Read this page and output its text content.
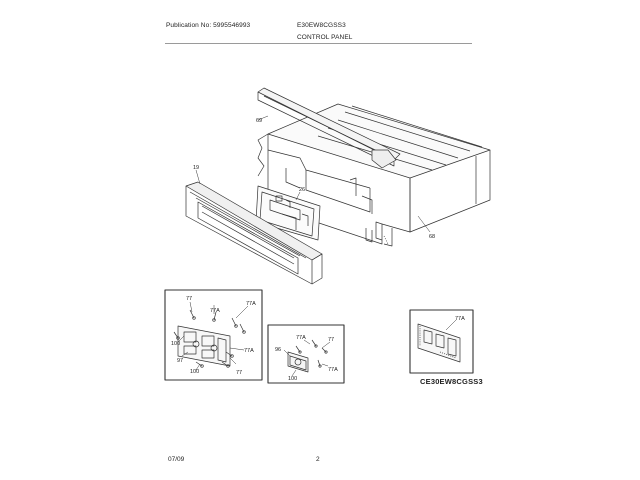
Publication No: 5995546993	E30EW8CGSS3
CONTROL PANEL
69
19
26
68
77
77A
77A
100
97
100
77A
77
77A
96
100
77
77A
77A
CE30EW8CGSS3
07/09	2
